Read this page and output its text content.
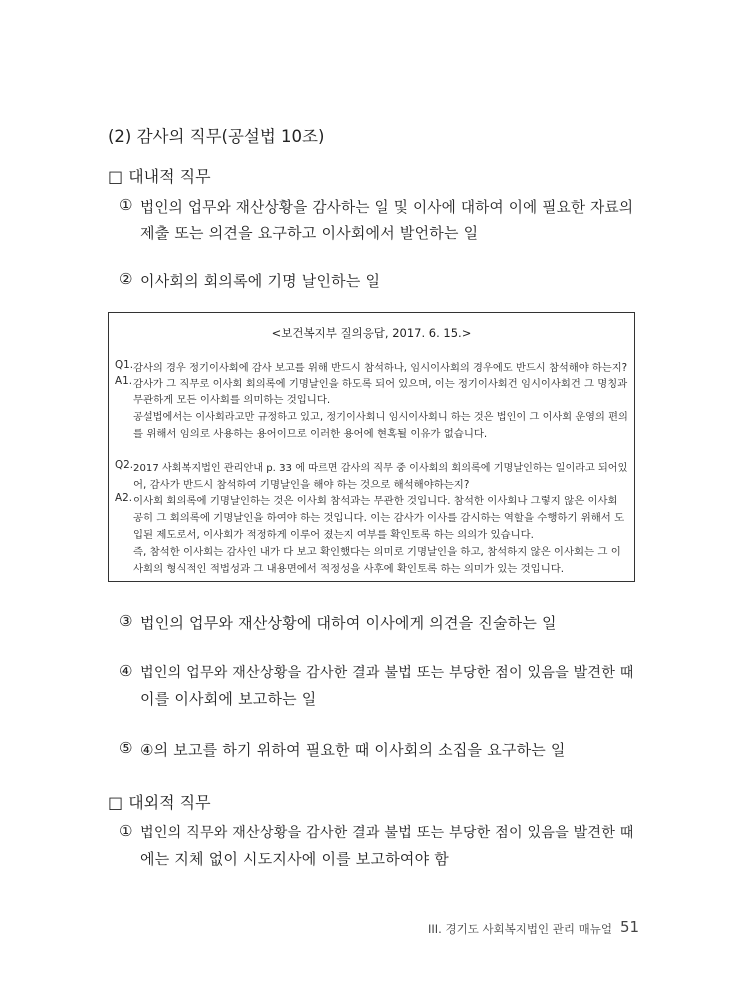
(2) 감사의 직무(공설법 10조)
□ 대내적 직무
① 법인의 업무와 재산상황을 감사하는 일 및 이사에 대하여 이에 필요한 자료의
제출 또는 의견을 요구하고 이사회에서 발언하는 일
② 이사회의 회의록에 기명 날인하는 일
<보건복지부 질의응답, 2017. 6. 15.>
Q1. 감사의 경우 정기이사회에 감사 보고를 위해 반드시 참석하나, 임시이사회의 경우에도 반드시 참석해야 하는지?
A1. 감사가 그 직무로 이사회 회의록에 기명날인을 하도록 되어 있으며, 이는 정기이사회건 임시이사회건 그 명칭과
무관하게 모든 이사회를 의미하는 것입니다.
공설법에서는 이사회라고만 규정하고 있고, 정기이사회니 임시이사회니 하는 것은 법인이 그 이사회 운영의 편의
를 위해서 임의로 사용하는 용어이므로 이러한 용어에 현혹될 이유가 없습니다.
Q2. 2017 사회복지법인 관리안내 p. 33 에 따르면 감사의 직무 중 이사회의 회의록에 기명날인하는 일이라고 되어있
어, 감사가 반드시 참석하여 기명날인을 해야 하는 것으로 해석해야하는지?
A2. 이사회 회의록에 기명날인하는 것은 이사회 참석과는 무관한 것입니다. 참석한 이사회나 그렇지 않은 이사회
공히 그 회의록에 기명날인을 하여야 하는 것입니다. 이는 감사가 이사를 감시하는 역할을 수행하기 위해서 도
입된 제도로서, 이사회가 적정하게 이루어 졌는지 여부를 확인토록 하는 의의가 있습니다.
즉, 참석한 이사회는 감사인 내가 다 보고 확인했다는 의미로 기명날인을 하고, 참석하지 않은 이사회는 그 이
사회의 형식적인 적법성과 그 내용면에서 적정성을 사후에 확인토록 하는 의미가 있는 것입니다.
③ 법인의 업무와 재산상황에 대하여 이사에게 의견을 진술하는 일
④ 법인의 업무와 재산상황을 감사한 결과 불법 또는 부당한 점이 있음을 발견한 때
이를 이사회에 보고하는 일
⑤ ④의 보고를 하기 위하여 필요한 때 이사회의 소집을 요구하는 일
□ 대외적 직무
① 법인의 직무와 재산상황을 감사한 결과 불법 또는 부당한 점이 있음을 발견한 때
에는 지체 없이 시도지사에 이를 보고하여야 함
III. 경기도 사회복지법인 관리 매뉴얼 51
